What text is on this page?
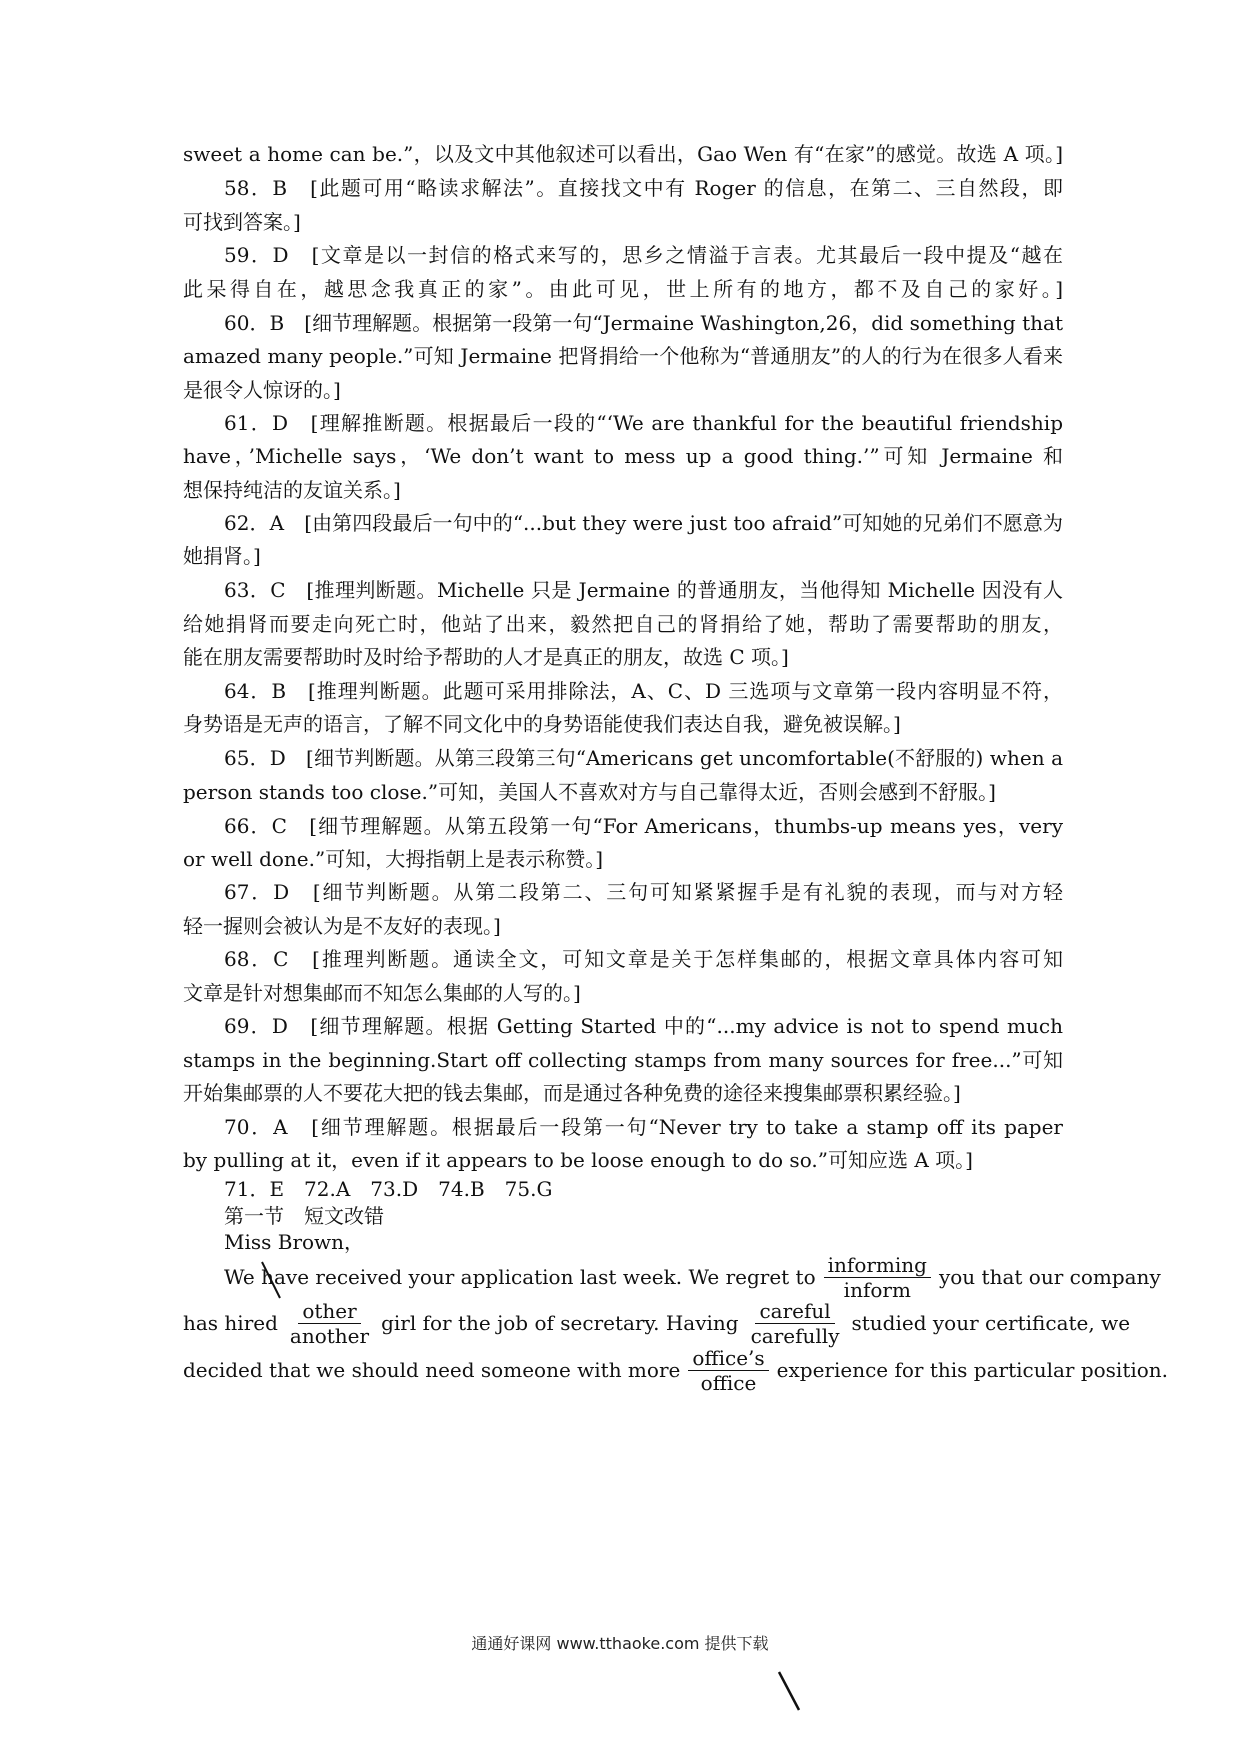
sweet a home can be.”，以及文中其他叙述可以看出，Gao Wen 有“在家”的感觉。故选 A 项。]
58．B　[此题可用“略读求解法”。直接找文中有 Roger 的信息，在第二、三自然段，即
可找到答案。]
59．D　[文章是以一封信的格式来写的，思乡之情溢于言表。尤其最后一段中提及“越在
此呆得自在，越思念我真正的家”。由此可见，世上所有的地方，都不及自己的家好。]
60．B　[细节理解题。根据第一段第一句“Jermaine Washington,26，did something that
amazed many people.”可知 Jermaine 把肾捐给一个他称为“普通朋友”的人的行为在很多人看来
是很令人惊讶的。]
61．D　[理解推断题。根据最后一段的“‘We are thankful for the beautiful friendship
have，’Michelle says，‘We don’t want to mess up a good thing.’”可知 Jermaine 和
想保持纯洁的友谊关系。]
62．A　[由第四段最后一句中的“...but they were just too afraid”可知她的兄弟们不愿意为
她捐肾。]
63．C　[推理判断题。Michelle 只是 Jermaine 的普通朋友，当他得知 Michelle 因没有人
给她捐肾而要走向死亡时，他站了出来，毅然把自己的肾捐给了她，帮助了需要帮助的朋友，
能在朋友需要帮助时及时给予帮助的人才是真正的朋友，故选 C 项。]
64．B　[推理判断题。此题可采用排除法，A、C、D 三选项与文章第一段内容明显不符，
身势语是无声的语言，了解不同文化中的身势语能使我们表达自我，避免被误解。]
65．D　[细节判断题。从第三段第三句“Americans get uncomfortable(不舒服的) when a
person stands too close.”可知，美国人不喜欢对方与自己靠得太近，否则会感到不舒服。]
66．C　[细节理解题。从第五段第一句“For Americans，thumbs-up means yes，very
or well done.”可知，大拇指朝上是表示称赞。]
67．D　[细节判断题。从第二段第二、三句可知紧紧握手是有礼貌的表现，而与对方轻
轻一握则会被认为是不友好的表现。]
68．C　[推理判断题。通读全文，可知文章是关于怎样集邮的，根据文章具体内容可知
文章是针对想集邮而不知怎么集邮的人写的。]
69．D　[细节理解题。根据 Getting Started 中的“...my advice is not to spend much
stamps in the beginning.Start off collecting stamps from many sources for free...”可知
开始集邮票的人不要花大把的钱去集邮，而是通过各种免费的途径来搜集邮票积累经验。]
70．A　[细节理解题。根据最后一段第一句“Never try to take a stamp off its paper
by pulling at it，even if it appears to be loose enough to do so.”可知应选 A 项。]
71．E　72.A　73.D　74.B　75.G
第一节　短文改错
Miss Brown，
We have received your application last week. We regret to $\frac{\text{informing}}{\text{inform}}$ you that our company
has hired $\frac{\text{other}}{\text{another}}$ girl for the job of secretary. Having $\frac{\text{careful}}{\text{carefully}}$ studied your certificate, we
decided that we should need someone with more $\frac{\text{office’s}}{\text{office}}$ experience for this particular position.
通通好课网 www.tthaoke.com 提供下载
